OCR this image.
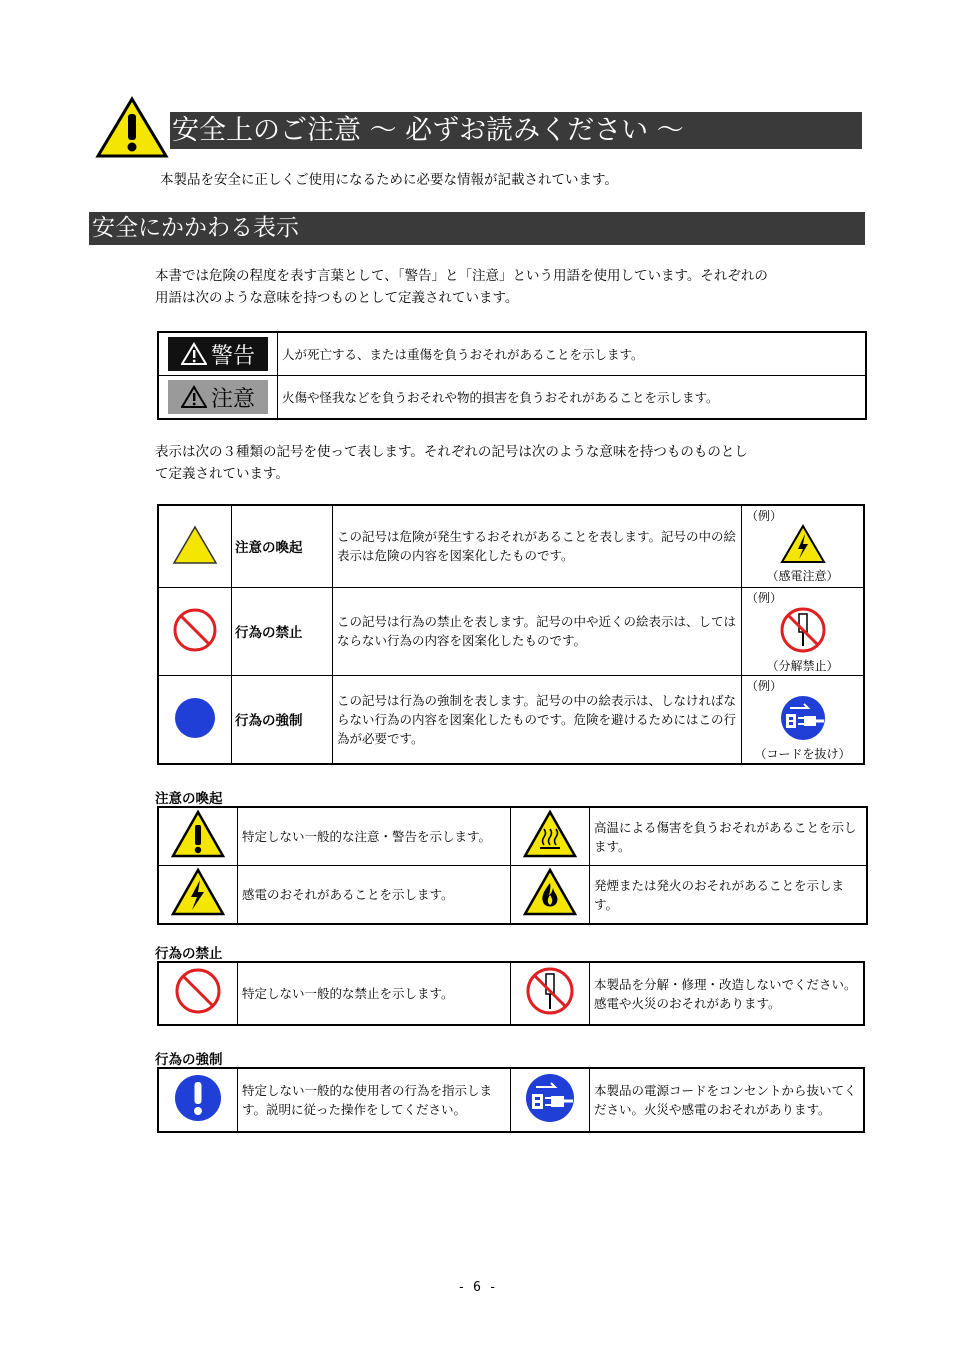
安全上のご注意 〜 必ずお読みください 〜
本製品を安全に正しくご使用になるために必要な情報が記載されています。
安全にかかわる表示
本書では危険の程度を表す言葉として、「警告」と「注意」という用語を使用しています。それぞれの
用語は次のような意味を持つものとして定義されています。
警告	人が死亡する、または重傷を負うおそれがあることを示します。

注意	火傷や怪我などを負うおそれや物的損害を負うおそれがあることを示します。
表示は次の３種類の記号を使って表します。それぞれの記号は次のような意味を持つものものとし
て定義されています。
	注意の喚起	この記号は危険が発生するおそれがあることを表します。記号の中の絵表示は危険の内容を図案化したものです。	（例）
（感電注意）

	行為の禁止	この記号は行為の禁止を表します。記号の中や近くの絵表示は、してはならない行為の内容を図案化したものです。	（例）
（分解禁止）

	行為の強制	この記号は行為の強制を表します。記号の中の絵表示は、しなければならない行為の内容を図案化したものです。危険を避けるためにはこの行為が必要です。	（例）
（コードを抜け）
注意の喚起
	特定しない一般的な注意・警告を示します。		高温による傷害を負うおそれがあることを示します。
	感電のおそれがあることを示します。		発煙または発火のおそれがあることを示します。
行為の禁止
	特定しない一般的な禁止を示します。		本製品を分解・修理・改造しないでください。感電や火災のおそれがあります。
行為の強制
	特定しない一般的な使用者の行為を指示します。説明に従った操作をしてください。		本製品の電源コードをコンセントから抜いてください。火災や感電のおそれがあります。
- 6 -
